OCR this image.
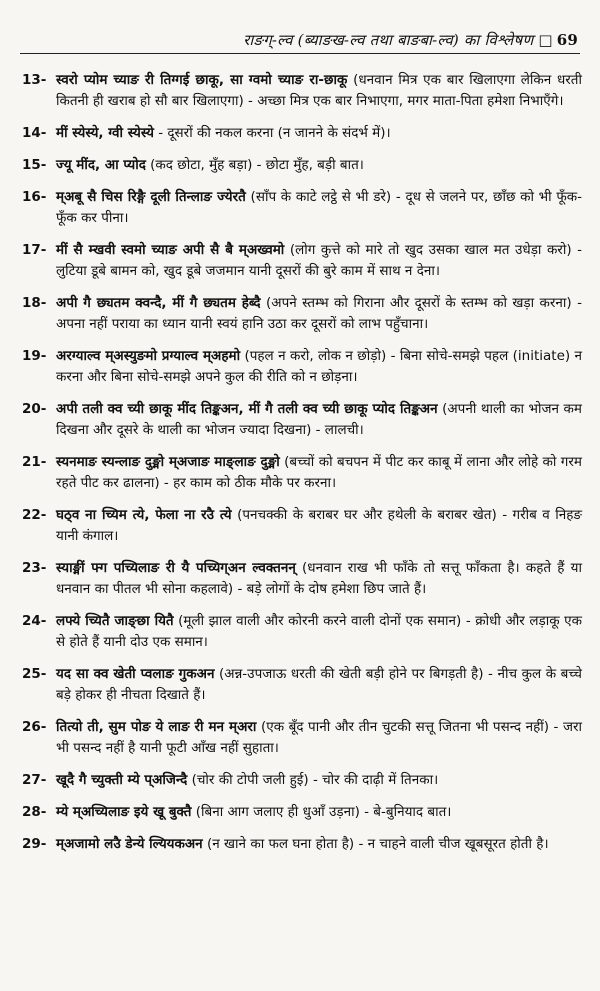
राङग्-ल्व (ब्याङख-ल्व तथा बाङबा-ल्व) का विश्लेषण □ 69
13- स्वरो प्योम च्याङ री तिग्गई छाकू, सा ग्वमो च्याङ रा-छाकू (धनवान मित्र एक बार खिलाएगा लेकिन धरती कितनी ही खराब हो सौ बार खिलाएगा) - अच्छा मित्र एक बार निभाएगा, मगर माता-पिता हमेशा निभाएँगे।
14- मीं स्येस्ये, ग्वी स्येस्ये - दूसरों की नकल करना (न जानने के संदर्भ में)।
15- ज्यू मींद, आ प्योद (कद छोटा, मुँह बड़ा) - छोटा मुँह, बड़ी बात।
16- म्अबू सै चिस रिङ्गै दूली तिन्लाङ ज्येरतै (साँप के काटे लट्ठे से भी डरे) - दूध से जलने पर, छाँछ को भी फूँक-फूँक कर पीना।
17- मीं सै म्खवी स्वमो च्याङ अपी सै बै म्अख्वमो (लोग कुत्ते को मारे तो खुद उसका खाल मत उधेड़ा करो) - लुटिया डूबे बामन को, खुद डूबे जजमान यानी दूसरों की बुरे काम में साथ न देना।
18- अपी गै छ्यतम क्वन्दै, मीं गै छ्यतम हेब्दै (अपने स्तम्भ को गिराना और दूसरों के स्तम्भ को खड़ा करना) - अपना नहीं पराया का ध्यान यानी स्वयं हानि उठा कर दूसरों को लाभ पहुँचाना।
19- अरग्याल्व म्अस्युङमो प्रग्याल्व म्अहमो (पहल न करो, लोक न छोड़ो) - बिना सोचे-समझे पहल (initiate) न करना और बिना सोचे-समझे अपने कुल की रीति को न छोड़ना।
20- अपी तली क्व च्यी छाकू मींद तिङ्कअन, मीं गै तली क्व च्यी छाकू प्योद तिङ्कअन (अपनी थाली का भोजन कम दिखना और दूसरे के थाली का भोजन ज्यादा दिखना) - लालची।
21- स्यनमाङ स्यन्लाङ दुङ्मो म्अजाङ माङ्लाङ दुङ्मो (बच्चों को बचपन में पीट कर काबू में लाना और लोहे को गरम रहते पीट कर ढालना) - हर काम को ठीक मौके पर करना।
22- घठ्व ना च्यिम त्ये, फेला ना रउै त्ये (पनचक्की के बराबर घर और हथेली के बराबर खेत) - गरीब व निहङ यानी कंगाल।
23- स्याङ्मीं फ्ग पच्यिलाङ री यै पच्यिग्अन ल्वक्तनन् (धनवान राख भी फाँके तो सत्तू फाँकता है। कहते हैं या धनवान का पीतल भी सोना कहलावे) - बड़े लोगों के दोष हमेशा छिप जाते हैं।
24- लफ्ये च्यितै जाङ्छा यितै (मूली झाल वाली और कोरनी करने वाली दोनों एक समान) - क्रोधी और लड़ाकू एक से होते हैं यानी दोउ एक समान।
25- यद सा क्व खेती प्वलाङ गुकअन (अन्न-उपजाऊ धरती की खेती बड़ी होने पर बिगड़ती है) - नीच कुल के बच्चे बड़े होकर ही नीचता दिखाते हैं।
26- तित्यो ती, सुम पोङ ये लाङ री मन म्अरा (एक बूँद पानी और तीन चुटकी सत्तू जितना भी पसन्द नहीं) - जरा भी पसन्द नहीं है यानी फूटी आँख नहीं सुहाता।
27- खूदै गै च्युक्ती म्ये प्अजिन्दै (चोर की टोपी जली हुई) - चोर की दाढ़ी में तिनका।
28- म्ये म्अच्यिलाङ इये खू बुक्तै (बिना आग जलाए ही धुआँ उड़ना) - बे-बुनियाद बात।
29- म्अजामो लउै डेन्ये ल्यियकअन (न खाने का फल घना होता है) - न चाहने वाली चीज खूबसूरत होती है।
